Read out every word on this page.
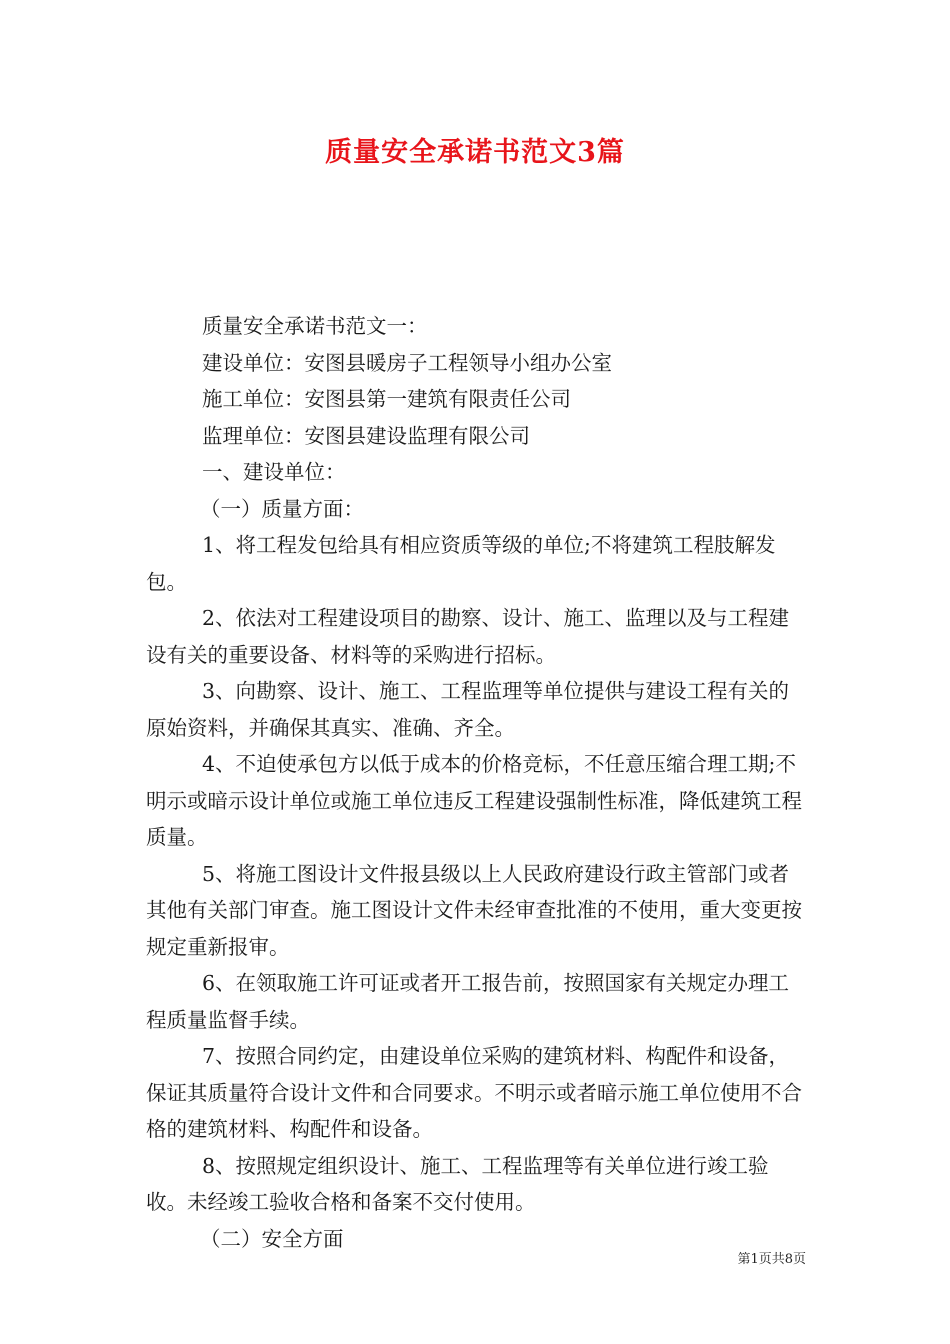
质量安全承诺书范文3篇

质量安全承诺书范文一：

建设单位：安图县暖房子工程领导小组办公室

施工单位：安图县第一建筑有限责任公司

监理单位：安图县建设监理有限公司

一、建设单位：

（一）质量方面：

1、将工程发包给具有相应资质等级的单位;不将建筑工程肢解发包。

2、依法对工程建设项目的勘察、设计、施工、监理以及与工程建设有关的重要设备、材料等的采购进行招标。

3、向勘察、设计、施工、工程监理等单位提供与建设工程有关的原始资料，并确保其真实、准确、齐全。

4、不迫使承包方以低于成本的价格竞标，不任意压缩合理工期;不明示或暗示设计单位或施工单位违反工程建设强制性标准，降低建筑工程质量。

5、将施工图设计文件报县级以上人民政府建设行政主管部门或者其他有关部门审查。施工图设计文件未经审查批准的不使用，重大变更按规定重新报审。

6、在领取施工许可证或者开工报告前，按照国家有关规定办理工程质量监督手续。

7、按照合同约定，由建设单位采购的建筑材料、构配件和设备，保证其质量符合设计文件和合同要求。不明示或者暗示施工单位使用不合格的建筑材料、构配件和设备。

8、按照规定组织设计、施工、工程监理等有关单位进行竣工验收。未经竣工验收合格和备案不交付使用。

（二）安全方面

第1页共8页
